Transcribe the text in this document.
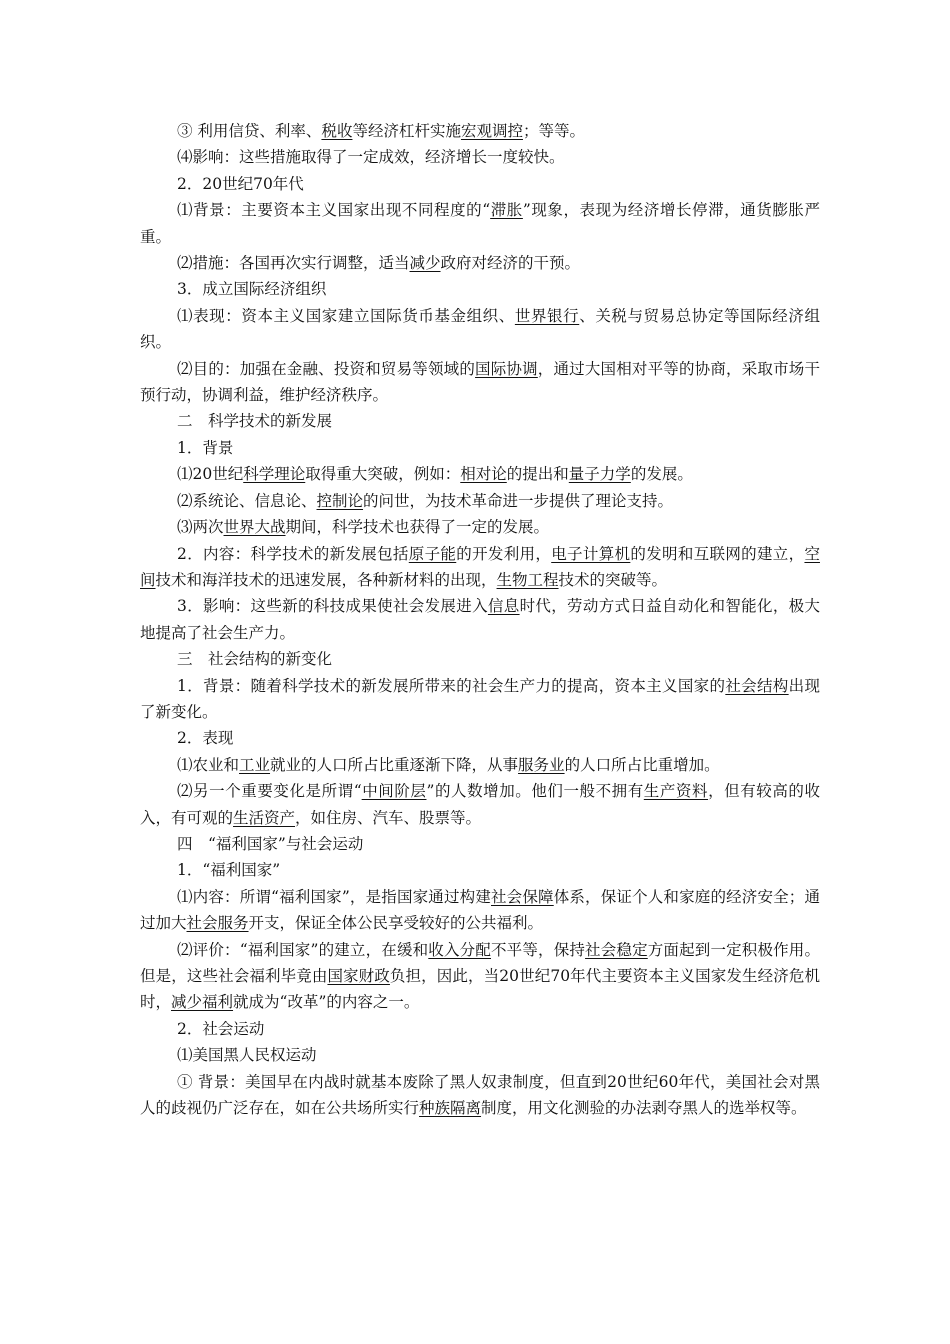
③ 利用信贷、利率、税收等经济杠杆实施宏观调控；等等。

⑷影响：这些措施取得了一定成效，经济增长一度较快。

2．20世纪70年代

⑴背景：主要资本主义国家出现不同程度的“滞胀”现象，表现为经济增长停滞，通货膨胀严重。

⑵措施：各国再次实行调整，适当减少政府对经济的干预。

3．成立国际经济组织

⑴表现：资本主义国家建立国际货币基金组织、世界银行、关税与贸易总协定等国际经济组织。

⑵目的：加强在金融、投资和贸易等领域的国际协调，通过大国相对平等的协商，采取市场干预行动，协调利益，维护经济秩序。

二　科学技术的新发展

1．背景

⑴20世纪科学理论取得重大突破，例如：相对论的提出和量子力学的发展。

⑵系统论、信息论、控制论的问世，为技术革命进一步提供了理论支持。

⑶两次世界大战期间，科学技术也获得了一定的发展。

2．内容：科学技术的新发展包括原子能的开发利用，电子计算机的发明和互联网的建立，空间技术和海洋技术的迅速发展，各种新材料的出现，生物工程技术的突破等。

3．影响：这些新的科技成果使社会发展进入信息时代，劳动方式日益自动化和智能化，极大地提高了社会生产力。

三　社会结构的新变化

1．背景：随着科学技术的新发展所带来的社会生产力的提高，资本主义国家的社会结构出现了新变化。

2．表现

⑴农业和工业就业的人口所占比重逐渐下降，从事服务业的人口所占比重增加。

⑵另一个重要变化是所谓“中间阶层”的人数增加。他们一般不拥有生产资料，但有较高的收入，有可观的生活资产，如住房、汽车、股票等。

四　“福利国家”与社会运动

1．“福利国家”

⑴内容：所谓“福利国家”，是指国家通过构建社会保障体系，保证个人和家庭的经济安全；通过加大社会服务开支，保证全体公民享受较好的公共福利。

⑵评价：“福利国家”的建立，在缓和收入分配不平等，保持社会稳定方面起到一定积极作用。但是，这些社会福利毕竟由国家财政负担，因此，当20世纪70年代主要资本主义国家发生经济危机时，减少福利就成为“改革”的内容之一。

2．社会运动

⑴美国黑人民权运动

① 背景：美国早在内战时就基本废除了黑人奴隶制度，但直到20世纪60年代，美国社会对黑人的歧视仍广泛存在，如在公共场所实行种族隔离制度，用文化测验的办法剥夺黑人的选举权等。
